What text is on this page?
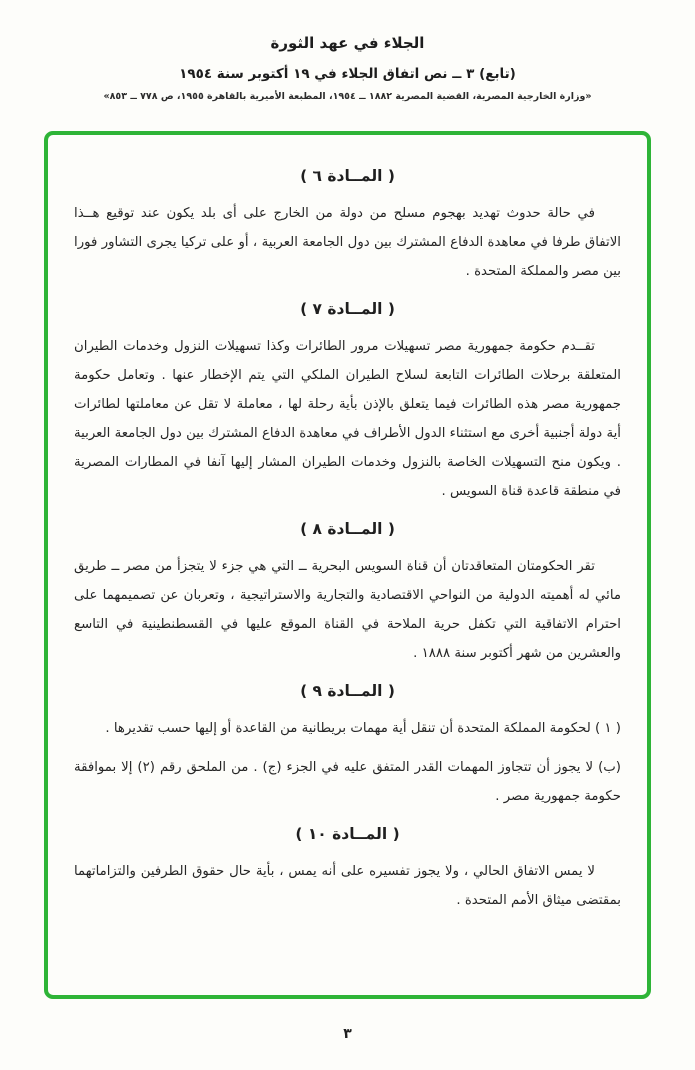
الجلاء في عهد الثورة
(تابع) ٣ ــ نص اتفاق الجلاء في ١٩ أكتوبر سنة ١٩٥٤
«وزارة الخارجية المصرية، القضية المصرية ١٨٨٢ ــ ١٩٥٤، المطبعة الأميرية بالقاهرة ١٩٥٥، ص ٧٧٨ ــ ٨٥٣»
( المــادة ٦ )

في حالة حدوث تهديد بهجوم مسلح من دولة من الخارج على أى بلد يكون عند توقيع هــذا الاتفاق طرفا في معاهدة الدفاع المشترك بين دول الجامعة العربية ، أو على تركيا يجرى التشاور فورا بين مصر والمملكة المتحدة .

( المــادة ٧ )

تقــدم حكومة جمهورية مصر تسهيلات مرور الطائرات وكذا تسهيلات النزول وخدمات الطيران المتعلقة برحلات الطائرات التابعة لسلاح الطيران الملكي التي يتم الإخطار عنها . وتعامل حكومة جمهورية مصر هذه الطائرات فيما يتعلق بالإذن بأية رحلة لها ، معاملة لا تقل عن معاملتها لطائرات أية دولة أجنبية أخرى مع استثناء الدول الأطراف في معاهدة الدفاع المشترك بين دول الجامعة العربية . ويكون منح التسهيلات الخاصة بالنزول وخدمات الطيران المشار إليها آنفا في المطارات المصرية في منطقة قاعدة قناة السويس .

( المــادة ٨ )

تقر الحكومتان المتعاقدتان أن قناة السويس البحرية ــ التي هي جزء لا يتجزأ من مصر ــ طريق مائي له أهميته الدولية من النواحي الاقتصادية والتجارية والاستراتيجية ، وتعربان عن تصميمهما على احترام الاتفاقية التي تكفل حرية الملاحة في القناة الموقع عليها في القسطنطينية في التاسع والعشرين من شهر أكتوبر سنة ١٨٨٨ .

( المــادة ٩ )

( ١ ) لحكومة المملكة المتحدة أن تنقل أية مهمات بريطانية من القاعدة أو إليها حسب تقديرها .

(ب) لا يجوز أن تتجاوز المهمات القدر المتفق عليه في الجزء (ج) . من الملحق رقم (٢) إلا بموافقة حكومة جمهورية مصر .

( المــادة ١٠ )

لا يمس الاتفاق الحالي ، ولا يجوز تفسيره على أنه يمس ، بأية حال حقوق الطرفين والتزاماتهما بمقتضى ميثاق الأمم المتحدة .

٣
